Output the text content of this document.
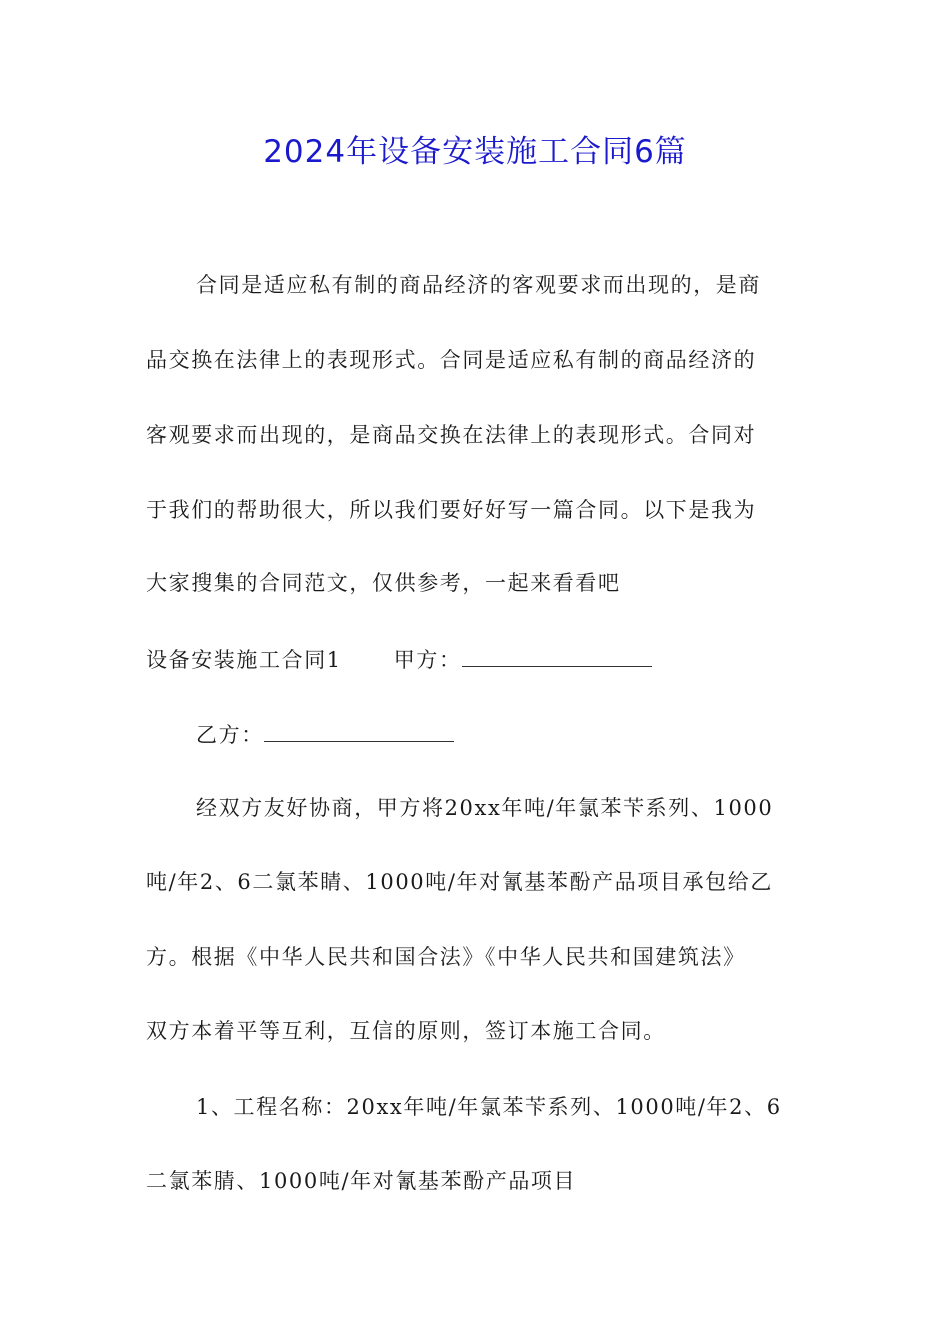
2024年设备安装施工合同6篇
合同是适应私有制的商品经济的客观要求而出现的，是商
品交换在法律上的表现形式。合同是适应私有制的商品经济的
客观要求而出现的，是商品交换在法律上的表现形式。合同对
于我们的帮助很大，所以我们要好好写一篇合同。以下是我为
大家搜集的合同范文，仅供参考，一起来看看吧
设备安装施工合同1 甲方：
乙方：
经双方友好协商，甲方将20xx年吨/年氯苯苄系列、1000
吨/年2、6二氯苯睛、1000吨/年对氰基苯酚产品项目承包给乙
方。根据《中华人民共和国合法》《中华人民共和国建筑法》
双方本着平等互利，互信的原则，签订本施工合同。
1、工程名称：20xx年吨/年氯苯苄系列、1000吨/年2、6
二氯苯腈、1000吨/年对氰基苯酚产品项目
